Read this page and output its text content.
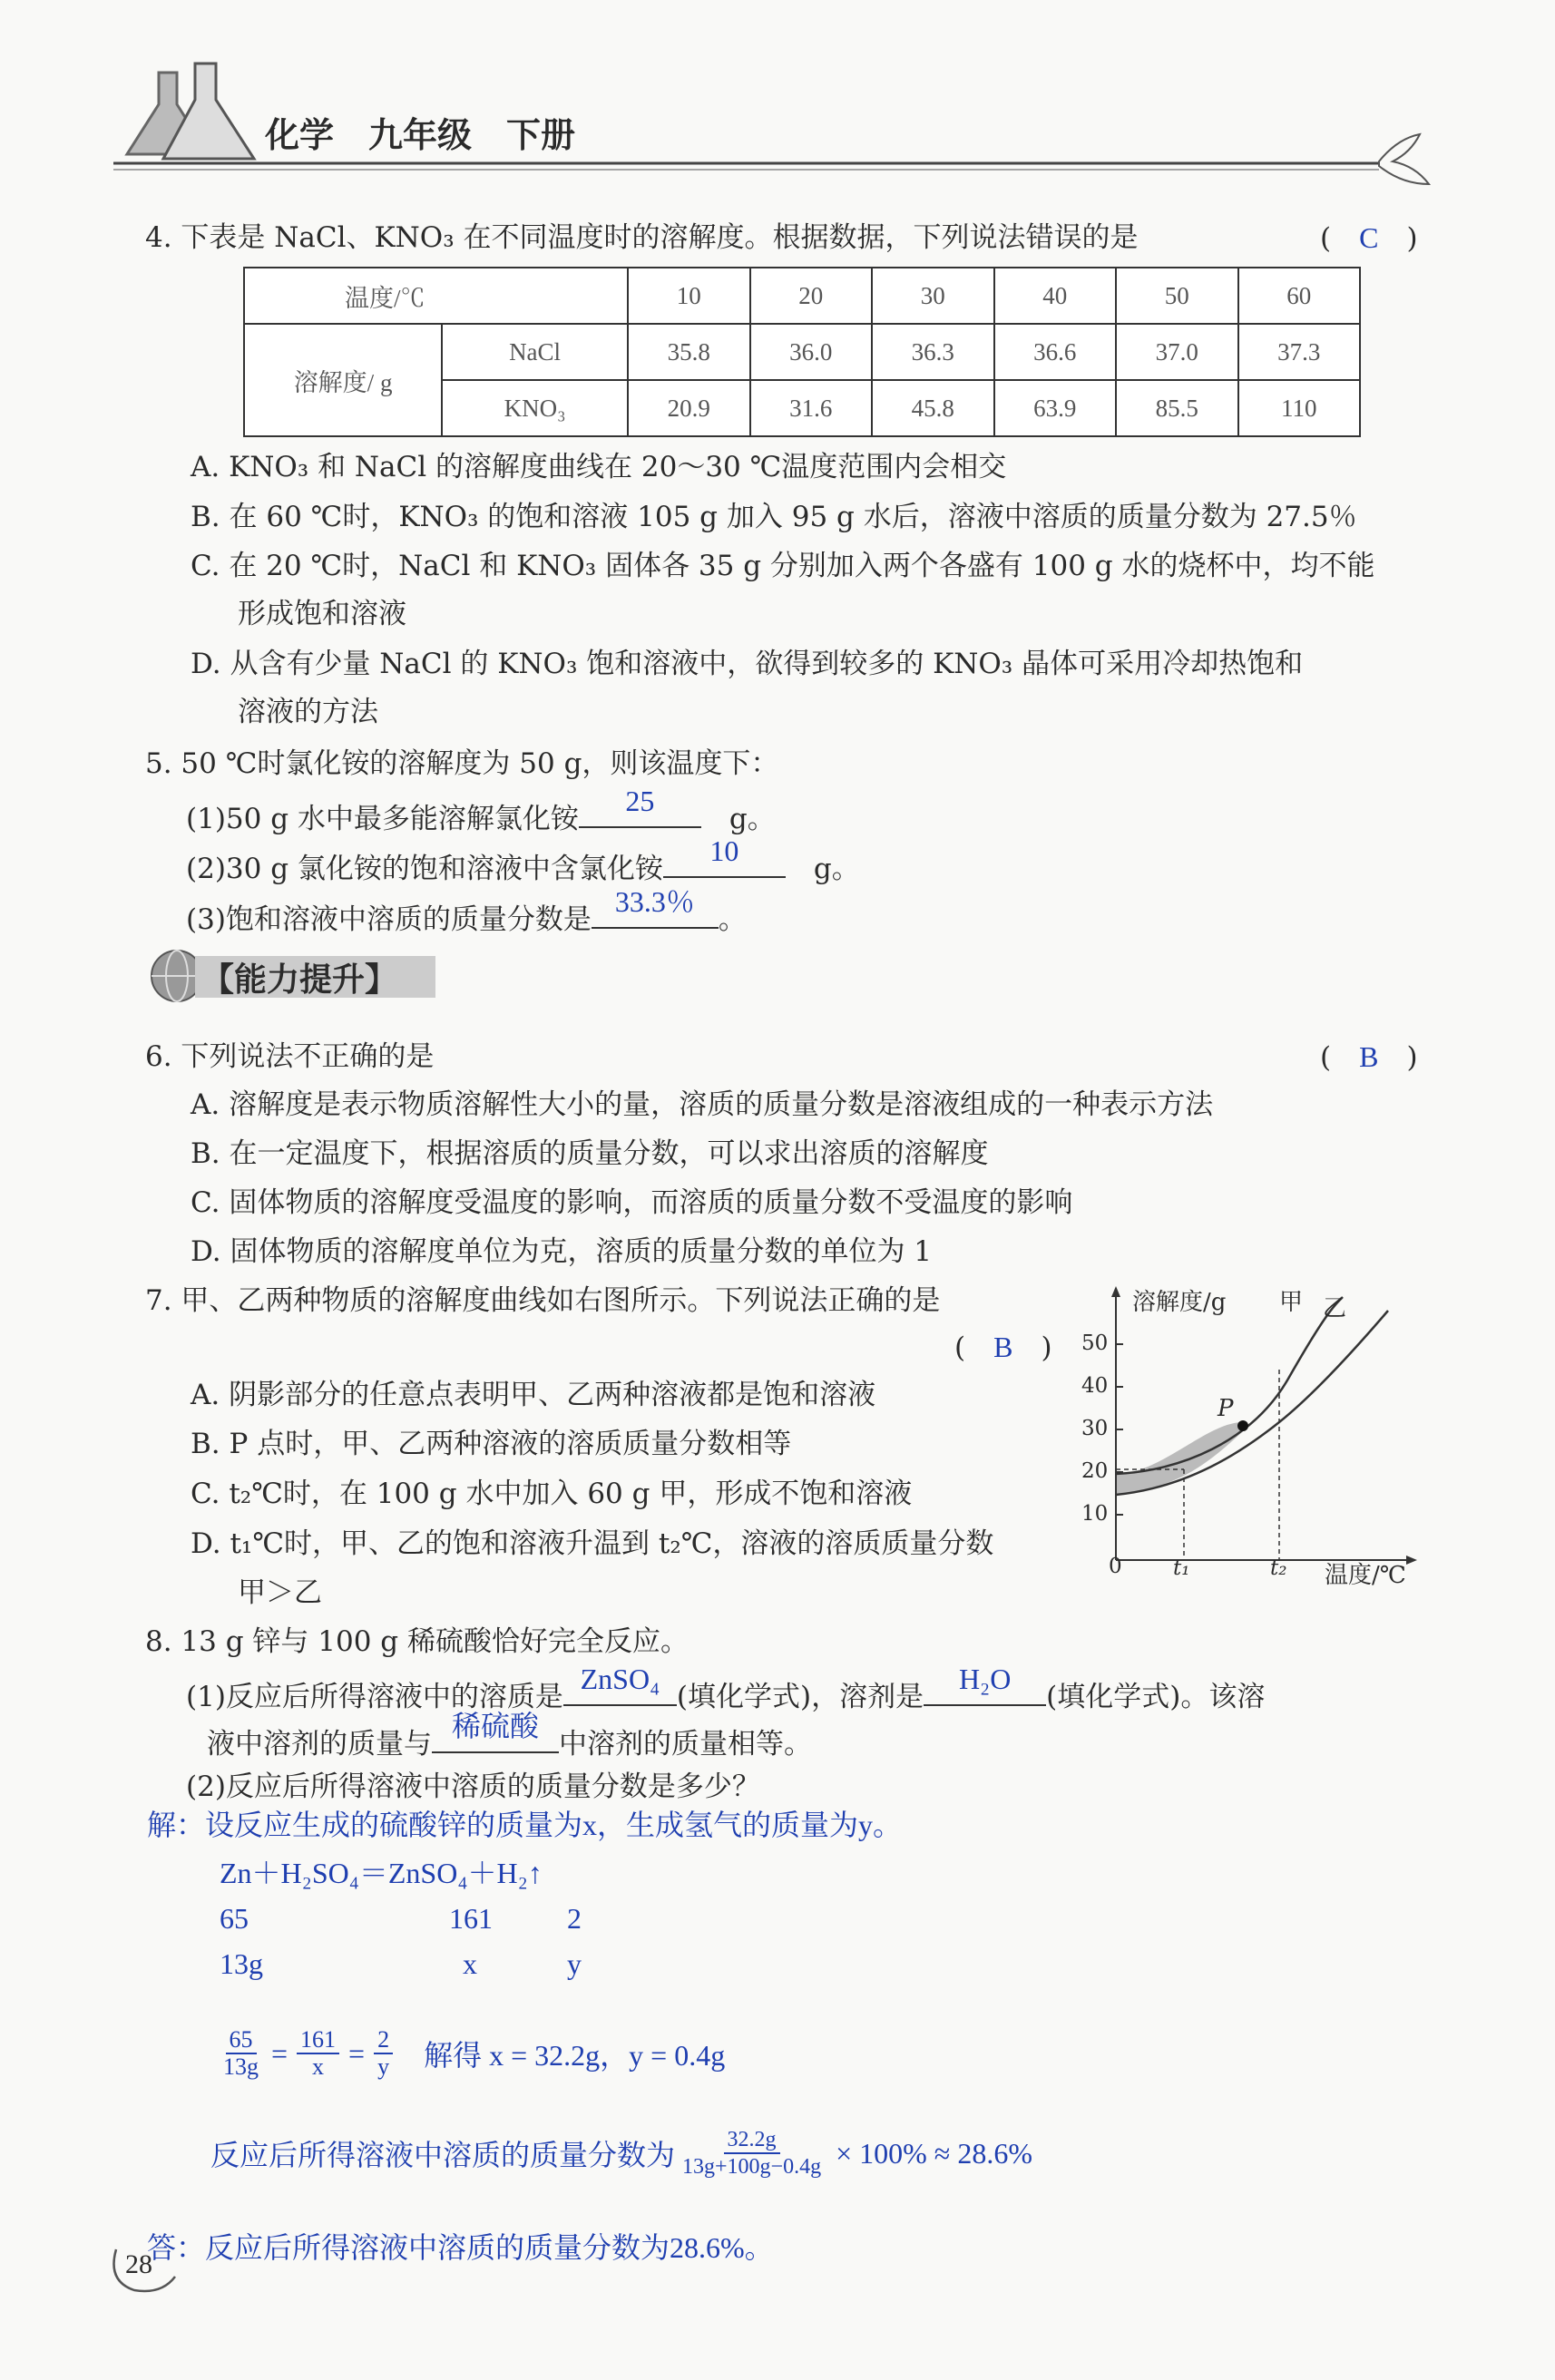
化学　九年级　下册
4. 下表是 NaCl、KNO₃ 在不同温度时的溶解度。根据数据，下列说法错误的是	(　C　)
温度/℃		10	20	30	40	50	60
溶解度/ g	NaCl	35.8	36.0	36.3	36.6	37.0	37.3
	KNO₃	20.9	31.6	45.8	63.9	85.5	110
A. KNO₃ 和 NaCl 的溶解度曲线在 20～30 ℃温度范围内会相交
B. 在 60 ℃时，KNO₃ 的饱和溶液 105 g 加入 95 g 水后，溶液中溶质的质量分数为 27.5％
C. 在 20 ℃时，NaCl 和 KNO₃ 固体各 35 g 分别加入两个各盛有 100 g 水的烧杯中，均不能
形成饱和溶液
D. 从含有少量 NaCl 的 KNO₃ 饱和溶液中，欲得到较多的 KNO₃ 晶体可采用冷却热饱和
溶液的方法
5. 50 ℃时氯化铵的溶解度为 50 g，则该温度下：
(1)50 g 水中最多能溶解氯化铵
25
　g。
(2)30 g 氯化铵的饱和溶液中含氯化铵
10
　g。
(3)饱和溶液中溶质的质量分数是
33.3％
。
【能力提升】
6. 下列说法不正确的是	(　B　)
A. 溶解度是表示物质溶解性大小的量，溶质的质量分数是溶液组成的一种表示方法
B. 在一定温度下，根据溶质的质量分数，可以求出溶质的溶解度
C. 固体物质的溶解度受温度的影响，而溶质的质量分数不受温度的影响
D. 固体物质的溶解度单位为克，溶质的质量分数的单位为 1
7. 甲、乙两种物质的溶解度曲线如右图所示。下列说法正确的是
(　B　)
A. 阴影部分的任意点表明甲、乙两种溶液都是饱和溶液
B. P 点时，甲、乙两种溶液的溶质质量分数相等
C. t₂℃时，在 100 g 水中加入 60 g 甲，形成不饱和溶液
D. t₁℃时，甲、乙的饱和溶液升温到 t₂℃，溶液的溶质质量分数
甲＞乙
溶解度/g 甲 乙
P
50
40
30
20
10
0 t₁	t₂ 温度/℃
8. 13 g 锌与 100 g 稀硫酸恰好完全反应。
(1)反应后所得溶液中的溶质是
ZnSO₄
(填化学式)，溶剂是
H₂O
(填化学式)。该溶
液中溶剂的质量与
稀硫酸
中溶剂的质量相等。
(2)反应后所得溶液中溶质的质量分数是多少？
解：设反应生成的硫酸锌的质量为x，生成氢气的质量为y。
Zn＋H₂SO₄＝ZnSO₄＋H₂↑
65	161	2
13g	x	y
$\frac{65}{13g} = \frac{161}{x} = \frac{2}{y}$ 解得 x = 32.2g，y = 0.4g
反应后所得溶液中溶质的质量分数为 $\frac{32.2g}{13g+100g-0.4g} \times 100\% \approx 28.6\%$
答：反应后所得溶液中溶质的质量分数为28.6%。
28
